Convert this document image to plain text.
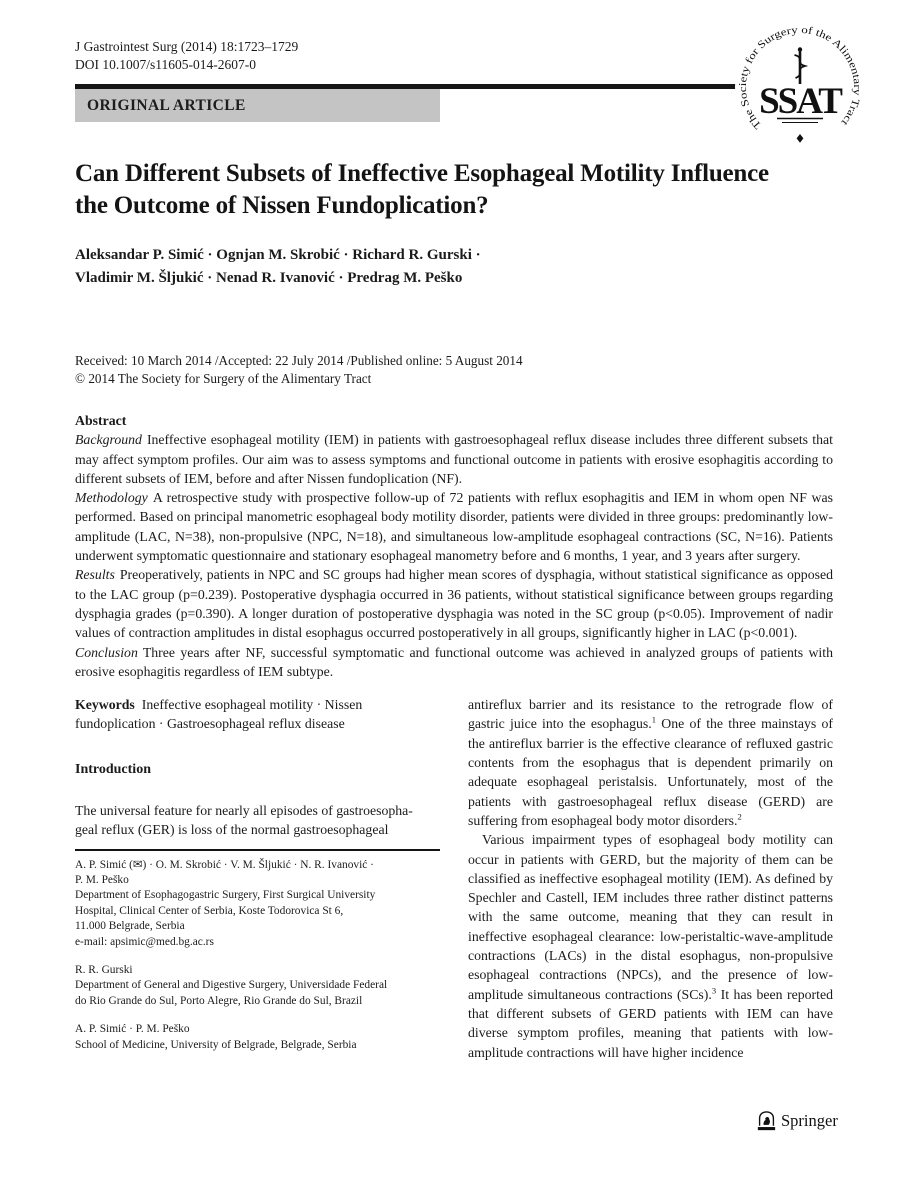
The Society for Surgery of the Alimentary Tract
SSAT
J Gastrointest Surg (2014) 18:1723–1729
DOI 10.1007/s11605-014-2607-0
ORIGINAL ARTICLE
Can Different Subsets of Ineffective Esophageal Motility Influence
the Outcome of Nissen Fundoplication?
Aleksandar P. Simić · Ognjan M. Skrobić · Richard R. Gurski ·
Vladimir M. Šljukić · Nenad R. Ivanović · Predrag M. Peško
Received: 10 March 2014 /Accepted: 22 July 2014 /Published online: 5 August 2014
© 2014 The Society for Surgery of the Alimentary Tract
Abstract

Background Ineffective esophageal motility (IEM) in patients with gastroesophageal reflux disease includes three different subsets that may affect symptom profiles. Our aim was to assess symptoms and functional outcome in patients with erosive esophagitis according to different subsets of IEM, before and after Nissen fundoplication (NF).

Methodology A retrospective study with prospective follow-up of 72 patients with reflux esophagitis and IEM in whom open NF was performed. Based on principal manometric esophageal body motility disorder, patients were divided in three groups: predominantly low-amplitude (LAC, N=38), non-propulsive (NPC, N=18), and simultaneous low-amplitude esophageal contractions (SC, N=16). Patients underwent symptomatic questionnaire and stationary esophageal manometry before and 6 months, 1 year, and 3 years after surgery.

Results Preoperatively, patients in NPC and SC groups had higher mean scores of dysphagia, without statistical significance as opposed to the LAC group (p=0.239). Postoperative dysphagia occurred in 36 patients, without statistical significance between groups regarding dysphagia grades (p=0.390). A longer duration of postoperative dysphagia was noted in the SC group (p<0.05). Improvement of nadir values of contraction amplitudes in distal esophagus occurred postoperatively in all groups, significantly higher in LAC (p<0.001).

Conclusion Three years after NF, successful symptomatic and functional outcome was achieved in analyzed groups of patients with erosive esophagitis regardless of IEM subtype.

Keywords Ineffective esophageal motility · Nissen
fundoplication · Gastroesophageal reflux disease
Introduction
The universal feature for nearly all episodes of gastroesopha-
geal reflux (GER) is loss of the normal gastroesophageal
A. P. Simić (✉) · O. M. Skrobić · V. M. Šljukić · N. R. Ivanović ·
P. M. Peško
Department of Esophagogastric Surgery, First Surgical University
Hospital, Clinical Center of Serbia, Koste Todorovica St 6,
11.000 Belgrade, Serbia
e-mail: apsimic@med.bg.ac.rs
R. R. Gurski
Department of General and Digestive Surgery, Universidade Federal
do Rio Grande do Sul, Porto Alegre, Rio Grande do Sul, Brazil
A. P. Simić · P. M. Peško
School of Medicine, University of Belgrade, Belgrade, Serbia

antireflux barrier and its resistance to the retrograde flow of gastric juice into the esophagus.$^1$ One of the three mainstays of the antireflux barrier is the effective clearance of refluxed gastric contents from the esophagus that is dependent primarily on adequate esophageal peristalsis. Unfortunately, most of the patients with gastroesophageal reflux disease (GERD) are suffering from esophageal body motor disorders.$^2$

Various impairment types of esophageal body motility can occur in patients with GERD, but the majority of them can be classified as ineffective esophageal motility (IEM). As defined by Spechler and Castell, IEM includes three rather distinct patterns with the same outcome, meaning that they can result in ineffective esophageal clearance: low-peristaltic-wave-amplitude contractions (LACs) in the distal esophagus, non-propulsive esophageal contractions (NPCs), and the presence of low-amplitude simultaneous contractions (SCs).$^3$ It has been reported that different subsets of GERD patients with IEM can have diverse symptom profiles, meaning that patients with low-amplitude contractions will have higher incidence

Springer
